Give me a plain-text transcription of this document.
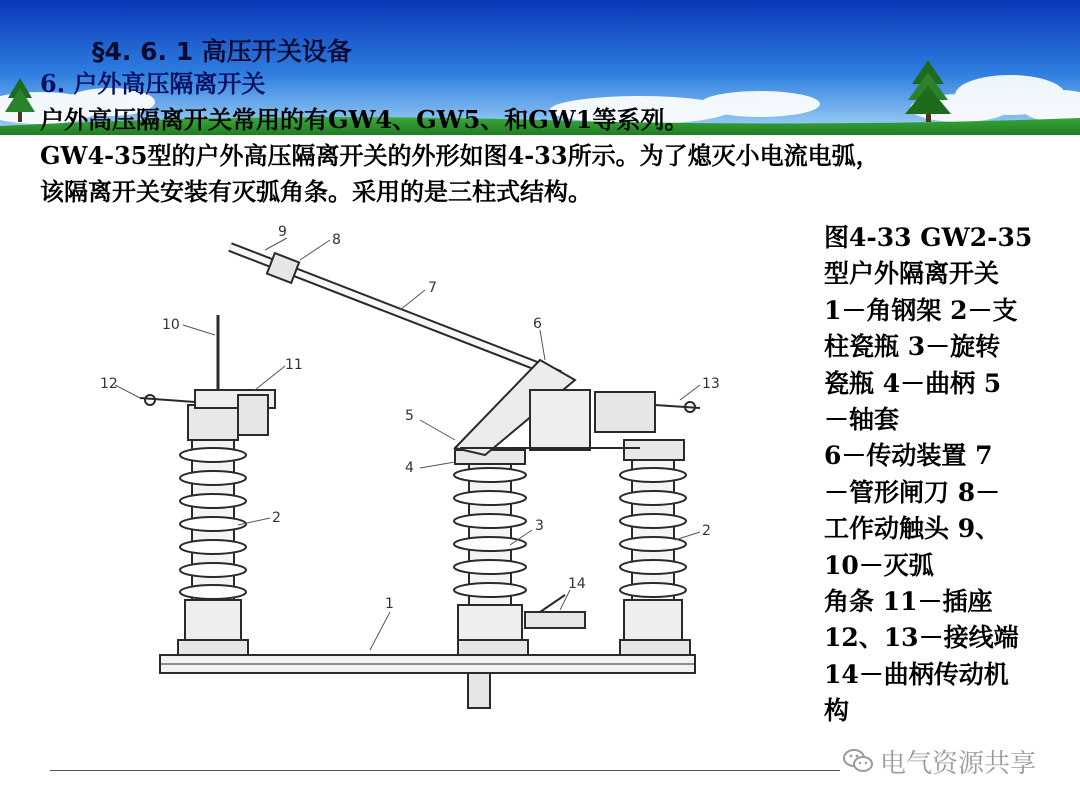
§4. 6. 1 高压开关设备
6. 户外高压隔离开关
户外高压隔离开关常用的有GW4、GW5、和GW1等系列。
GW4-35型的户外高压隔离开关的外形如图4-33所示。为了熄灭小电流电弧，
该隔离开关安装有灭弧角条。采用的是三柱式结构。
1
2
2
3
4
5
6
7
8
9
10
11
12	13
14
图4-33 GW2-35
型户外隔离开关
1－角钢架 2－支
柱瓷瓶 3－旋转
瓷瓶 4－曲柄 5
－轴套
6－传动装置 7
－管形闸刀 8－
工作动触头 9、
10－灭弧
角条 11－插座
12、13－接线端
14－曲柄传动机
构
电气资源共享
